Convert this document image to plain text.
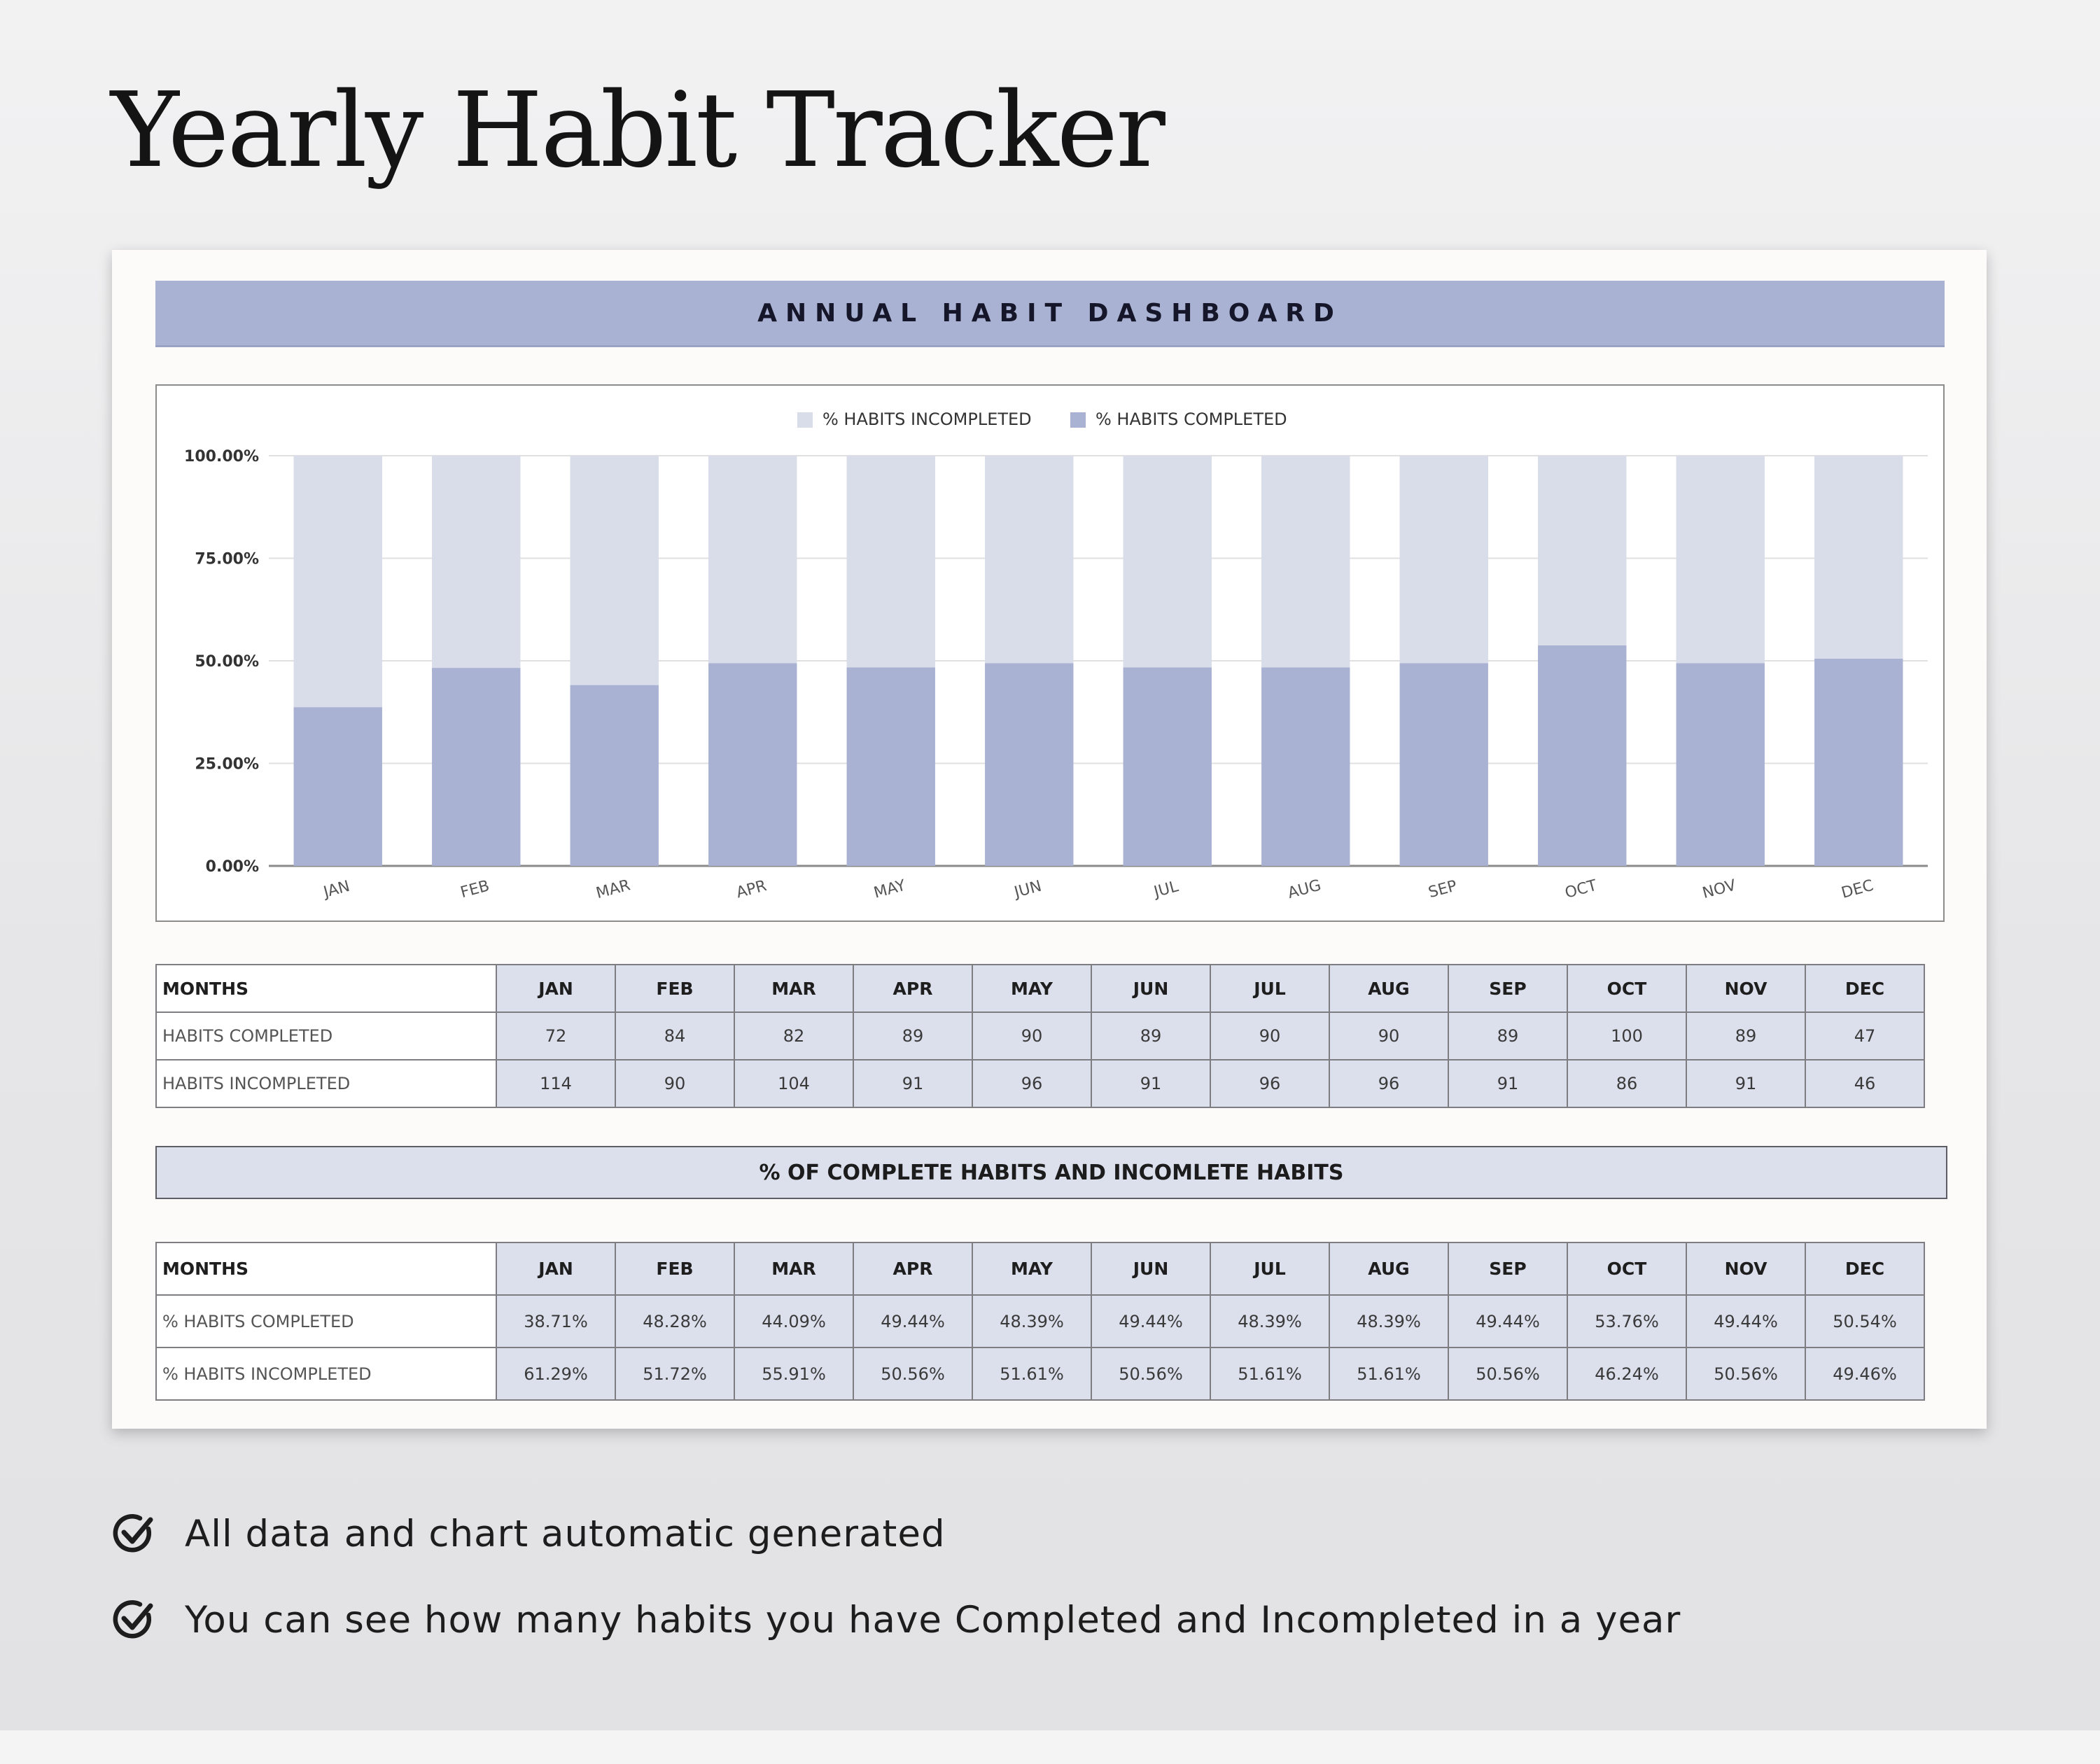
Yearly Habit Tracker
ANNUAL HABIT DASHBOARD
0.00%
25.00%
50.00%
75.00%
100.00%
JAN	FEB	MAR	APR	MAY	JUN	JUL	AUG	SEP	OCT	NOV	DEC
% HABITS INCOMPLETED	% HABITS COMPLETED
MONTHS	JAN	FEB	MAR	APR	MAY	JUN	JUL	AUG	SEP	OCT	NOV	DEC
HABITS COMPLETED	72	84	82	89	90	89	90	90	89	100	89	47
HABITS INCOMPLETED	114	90	104	91	96	91	96	96	91	86	91	46
% OF COMPLETE HABITS AND INCOMLETE HABITS
MONTHS	JAN	FEB	MAR	APR	MAY	JUN	JUL	AUG	SEP	OCT	NOV	DEC
% HABITS COMPLETED	38.71%	48.28%	44.09%	49.44%	48.39%	49.44%	48.39%	48.39%	49.44%	53.76%	49.44%	50.54%
% HABITS INCOMPLETED	61.29%	51.72%	55.91%	50.56%	51.61%	50.56%	51.61%	51.61%	50.56%	46.24%	50.56%	49.46%
All data and chart automatic generated
You can see how many habits you have Completed and Incompleted in a year
